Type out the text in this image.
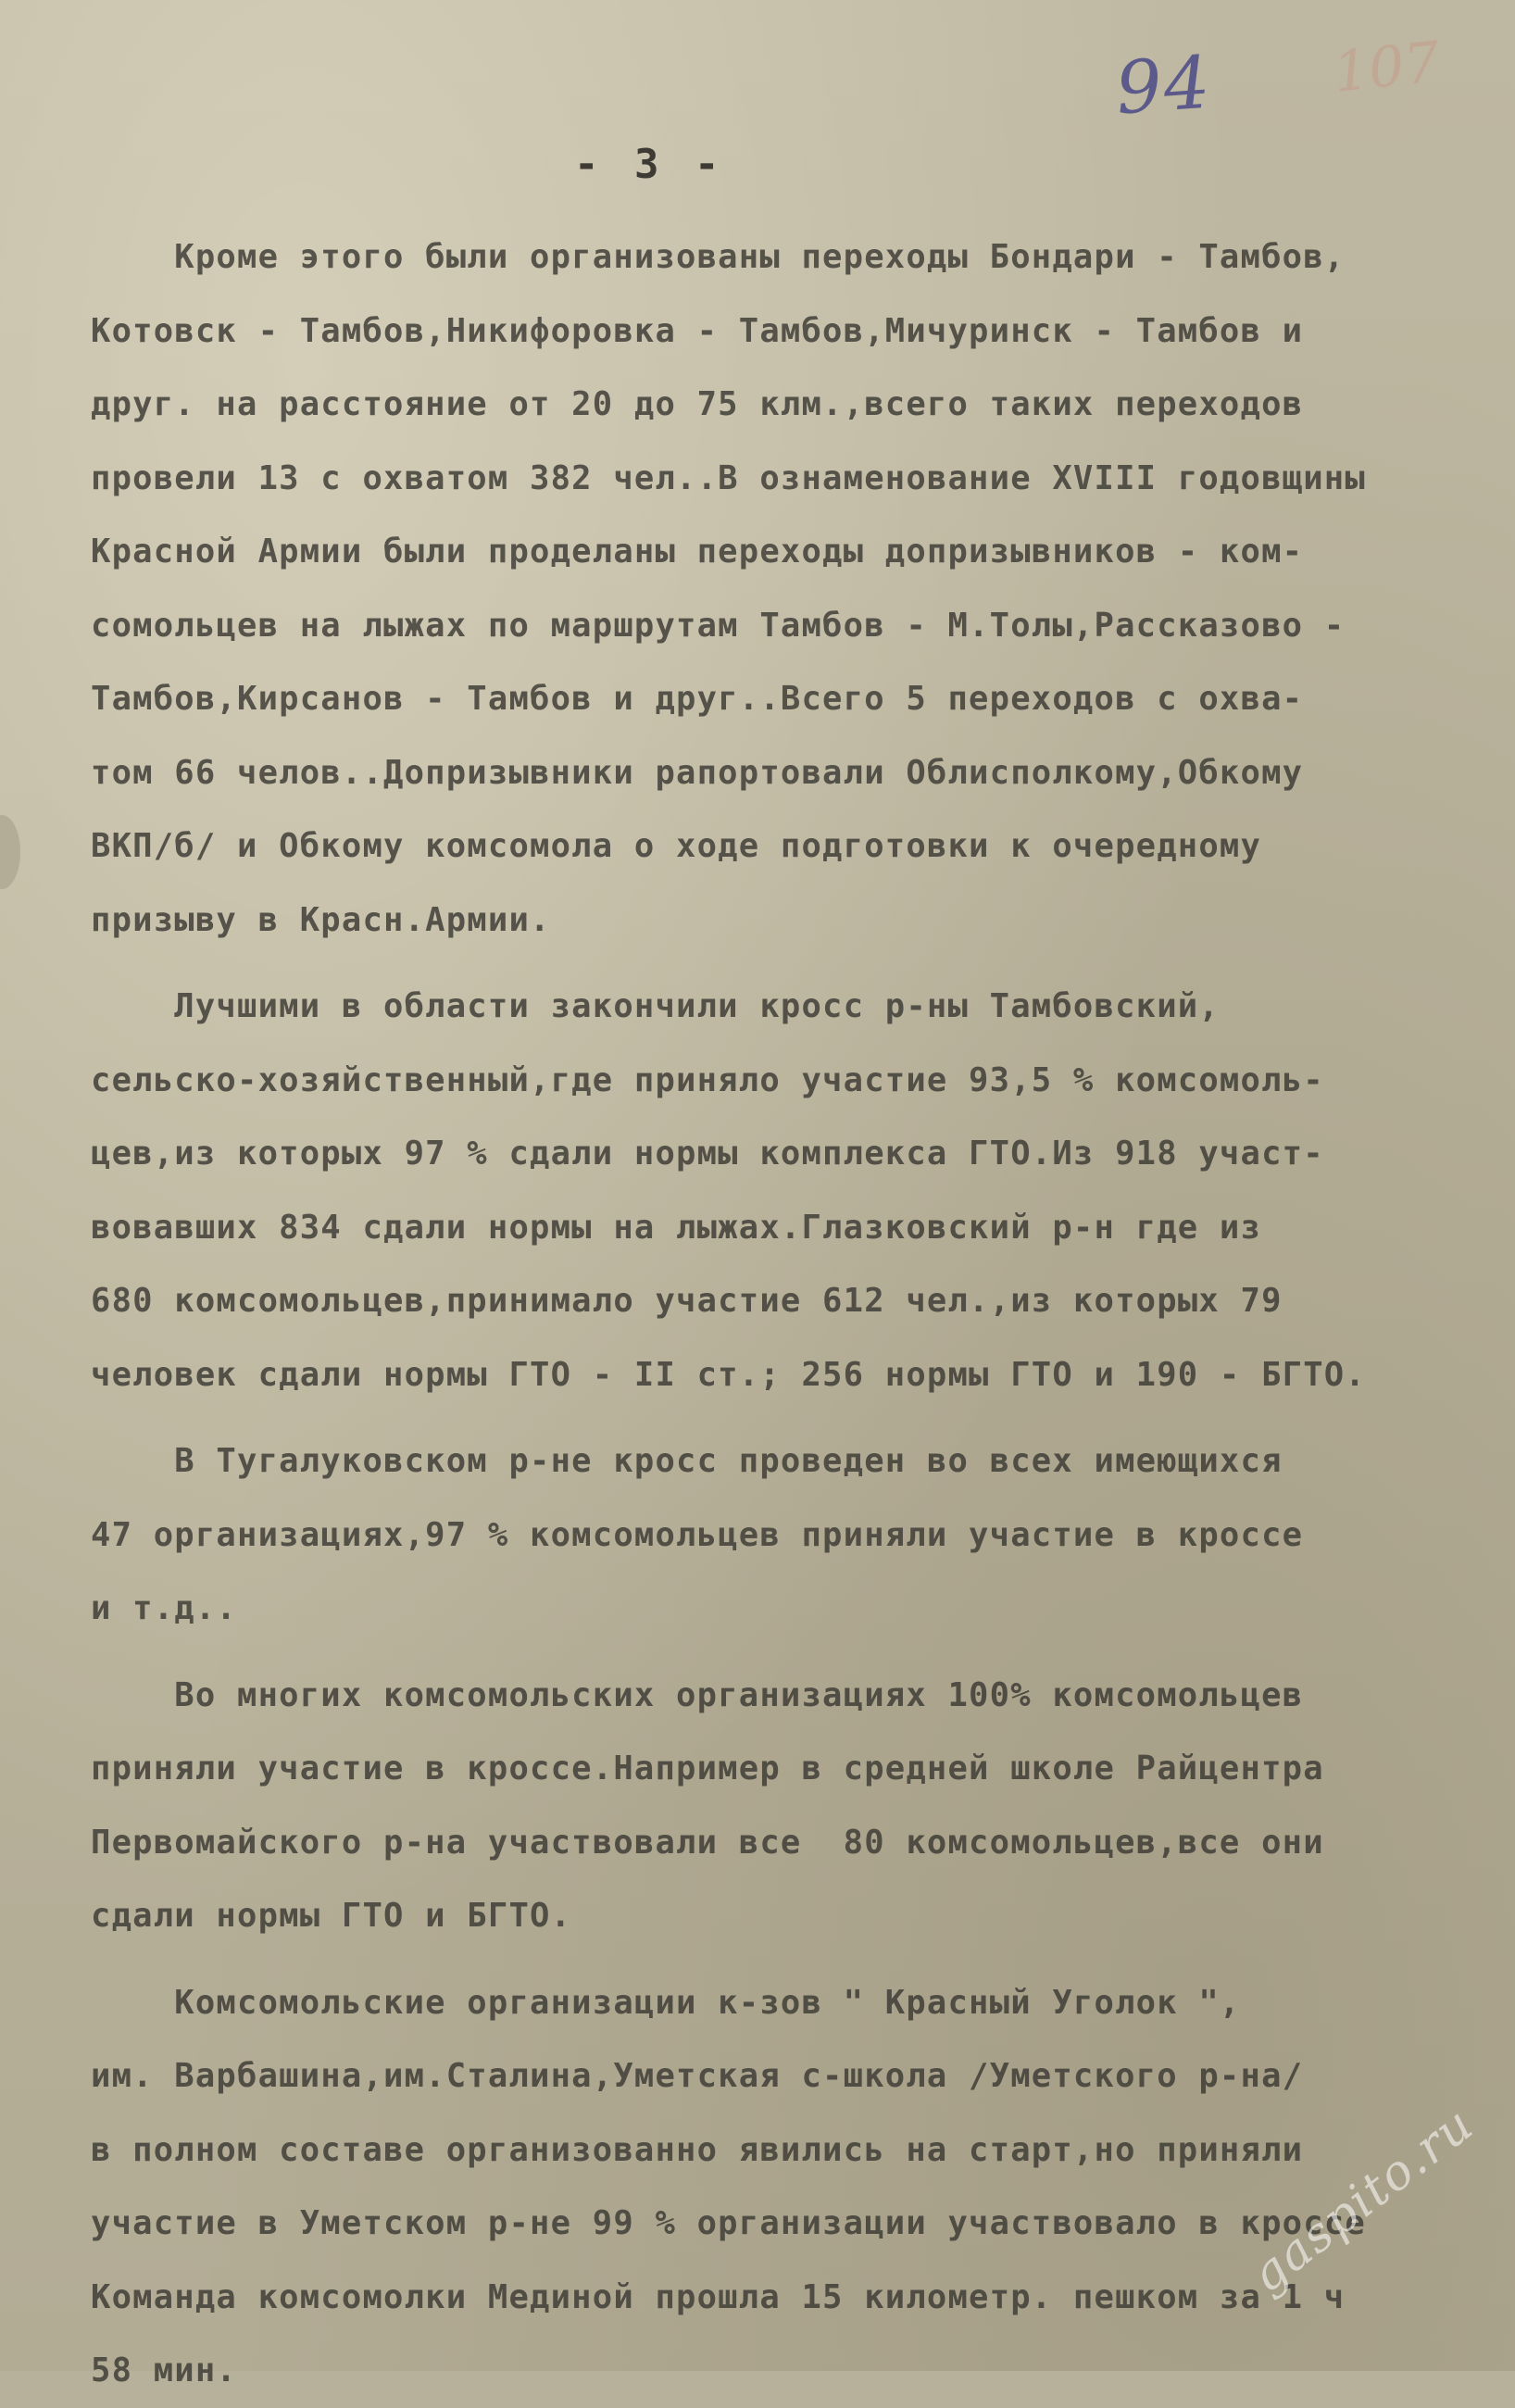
94 107
- 3 -
Кроме этого были организованы переходы Бондари - Тамбов,
Котовск - Тамбов,Никифоровка - Тамбов,Мичуринск - Тамбов и
друг. на расстояние от 20 до 75 клм.,всего таких переходов
провели 13 с охватом 382 чел..В ознаменование ХVIII годовщины
Красной Армии были проделаны переходы допризывников - ком-
сомольцев на лыжах по маршрутам Тамбов - М.Толы,Рассказово -
Тамбов,Кирсанов - Тамбов и друг..Всего 5 переходов с охва-
том 66 челов..Допризывники рапортовали Облисполкому,Обкому
ВКП/б/ и Обкому комсомола о ходе подготовки к очередному
призыву в Красн.Армии.
Лучшими в области закончили кросс р-ны Тамбовский,
сельско-хозяйственный,где приняло участие 93,5 % комсомоль-
цев,из которых 97 % сдали нормы комплекса ГТО.Из 918 участ-
вовавших 834 сдали нормы на лыжах.Глазковский р-н где из
680 комсомольцев,принимало участие 612 чел.,из которых 79
человек сдали нормы ГТО - II ст.; 256 нормы ГТО и 190 - БГТО.
В Тугалуковском р-не кросс проведен во всех имеющихся
47 организациях,97 % комсомольцев приняли участие в кроссе
и т.д..
Во многих комсомольских организациях 100% комсомольцев
приняли участие в кроссе.Например в средней школе Райцентра
Первомайского р-на участвовали все  80 комсомольцев,все они
сдали нормы ГТО и БГТО.
Комсомольские организации к-зов " Красный Уголок ",
им. Варбашина,им.Сталина,Уметская с-школа /Уметского р-на/
в полном составе организованно явились на старт,но приняли
участие в Уметском р-не 99 % организации участвовало в кроссе
Команда комсомолки Мединой прошла 15 километр. пешком за 1 ч
58 мин.
gaspito.ru
